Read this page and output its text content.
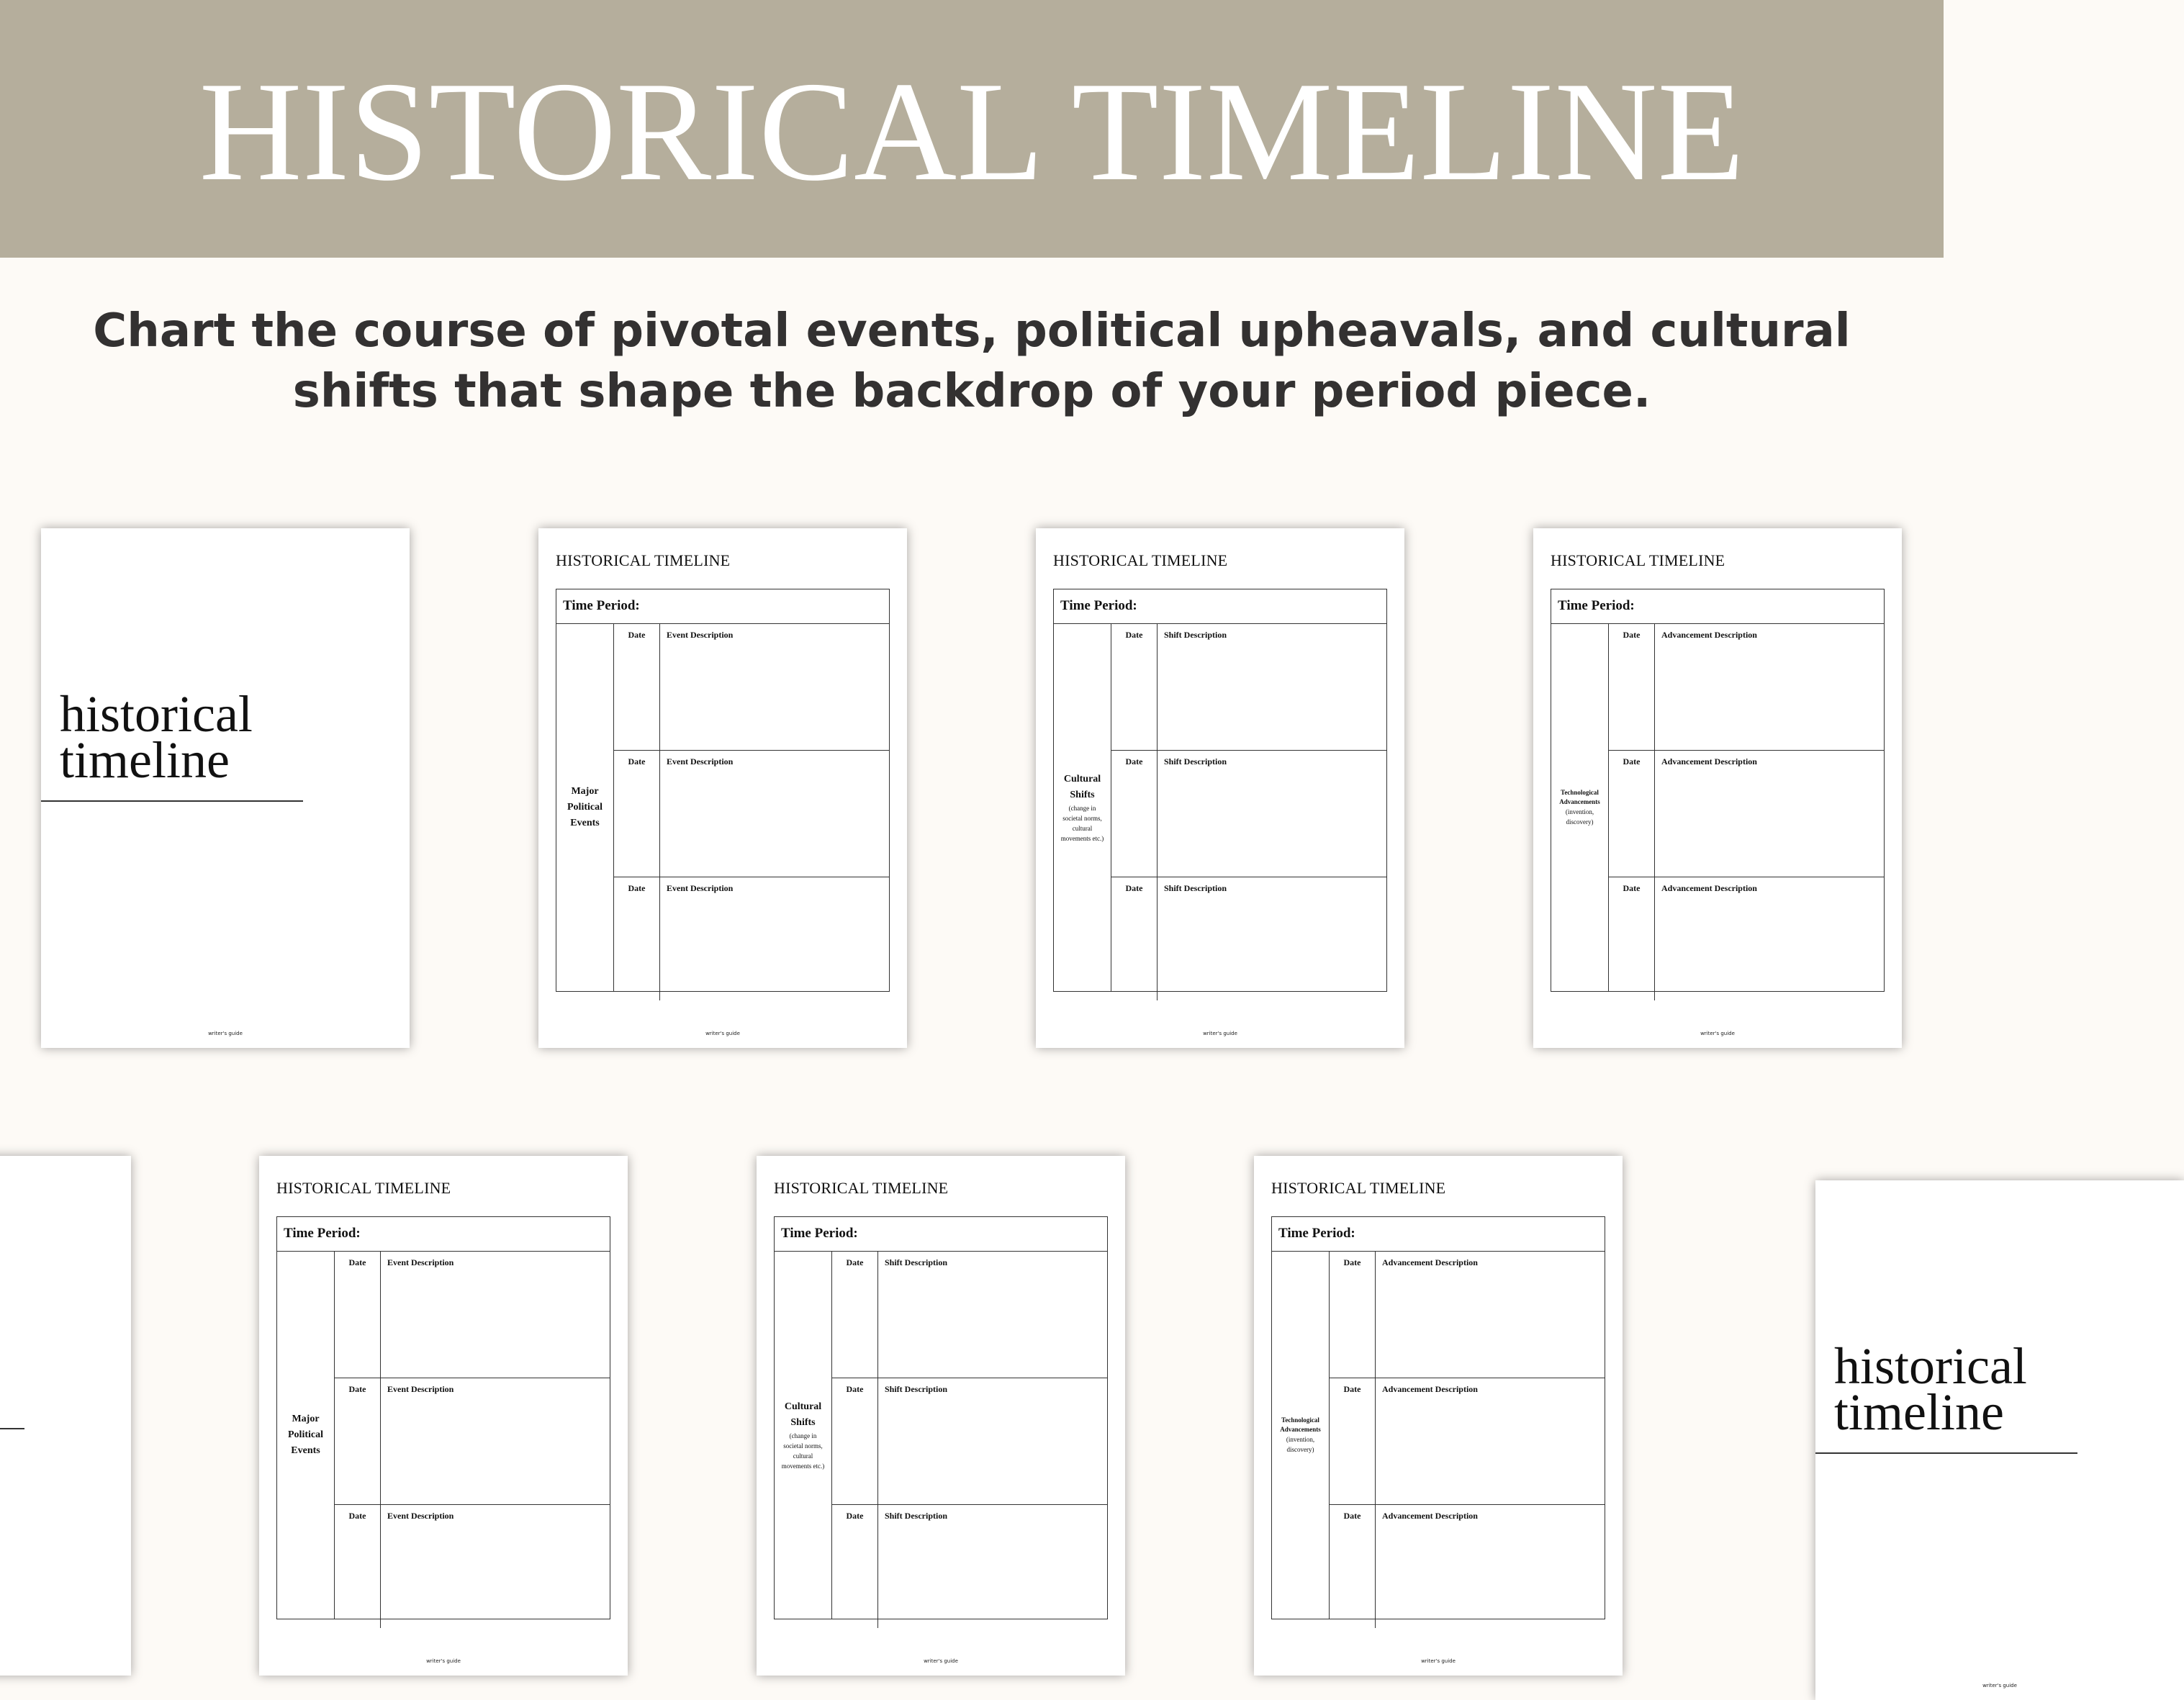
HISTORICAL TIMELINE
Chart the course of pivotal events, political upheavals, and cultural
shifts that shape the backdrop of your period piece.
historical
timeline
writer's guide
HISTORICAL TIMELINE
Time Period:
Major Political Events
Date	Event Description
Date	Event Description
Date	Event Description
writer's guide
HISTORICAL TIMELINE
Time Period:
Cultural Shifts
(change in societal norms, cultural movements etc.)
Date	Shift Description
Date	Shift Description
Date	Shift Description
writer's guide
HISTORICAL TIMELINE
Time Period:
Technological Advancements
(invention, discovery)
Date	Advancement Description
Date	Advancement Description
Date	Advancement Description
writer's guide
HISTORICAL TIMELINE
Time Period:
Major Political Events
Date	Event Description
Date	Event Description
Date	Event Description
writer's guide
HISTORICAL TIMELINE
Time Period:
Cultural Shifts
(change in societal norms, cultural movements etc.)
Date	Shift Description
Date	Shift Description
Date	Shift Description
writer's guide
HISTORICAL TIMELINE
Time Period:
Technological Advancements
(invention, discovery)
Date	Advancement Description
Date	Advancement Description
Date	Advancement Description
writer's guide
historical
timeline
writer's guide
